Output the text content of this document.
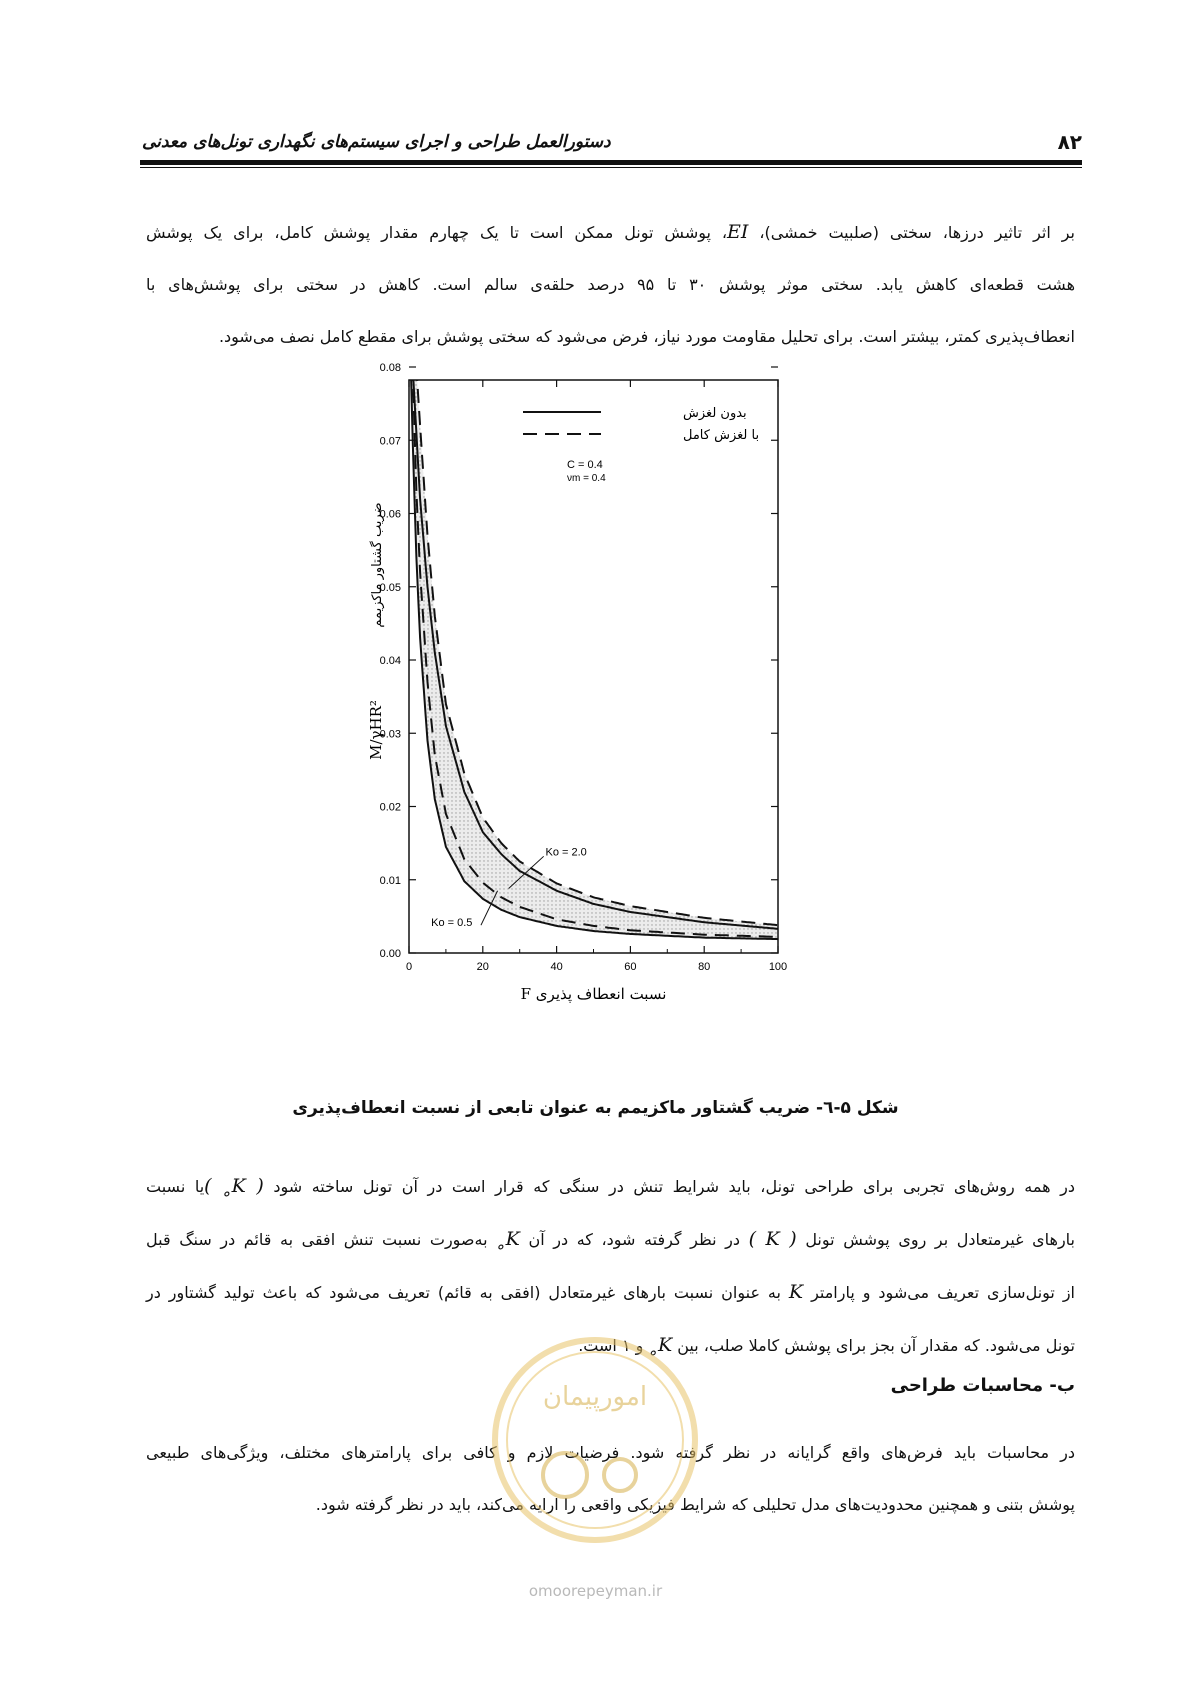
۸۲
دستورالعمل طراحی و اجرای سیستم‌های نگهداری تونل‌های معدنی
بر اثر تاثیر درزها، سختی (صلبیت خمشی)، EI، پوشش تونل ممکن است تا یک چهارم مقدار پوشش کامل، برای یک پوشش
هشت قطعه‌ای کاهش یابد. سختی موثر پوشش ۳۰ تا ۹۵ درصد حلقه‌ی سالم است. کاهش در سختی برای پوشش‌های با
انعطاف‌پذیری کمتر، بیشتر است. برای تحلیل مقاومت مورد نیاز، فرض می‌شود که سختی پوشش برای مقطع کامل نصف می‌شود.
0.00
0.01
0.02
0.03
0.04
0.05
0.06
0.07
0.08
0	20	40	60	80	100
نسبت انعطاف پذیری F
M/γHR²
ضریب گشتاور ماکزیمم
بدون لغزش
با لغزش کامل
C = 0.4
νm = 0.4
Ko = 2.0
Ko = 0.5
شکل ۵-٦- ضریب گشتاور ماکزیمم به عنوان تابعی از نسبت انعطاف‌پذیری
در همه روش‌های تجربی برای طراحی تونل، باید شرایط تنش در سنگی که قرار است در آن تونل ساخته شود ( K˳ )یا نسبت
بارهای غیرمتعادل بر روی پوشش تونل ( K ) در نظر گرفته شود، که در آن K˳ به‌صورت نسبت تنش افقی به قائم در سنگ قبل
از تونل‌سازی تعریف می‌شود و پارامتر K به عنوان نسبت بارهای غیرمتعادل (افقی به قائم) تعریف می‌شود که باعث تولید گشتاور در
تونل می‌شود. که مقدار آن بجز برای پوشش کاملا صلب، بین K˳ و ۱ است.
ب- محاسبات طراحی
در محاسبات باید فرض‌های واقع گرایانه در نظر گرفته شود. فرضیات لازم و کافی برای پارامترهای مختلف، ویژگی‌های طبیعی
پوشش بتنی و همچنین محدودیت‌های مدل تحلیلی که شرایط فیزیکی واقعی را ارایه می‌کند، باید در نظر گرفته شود.
امورپیمان
omoorepeyman.ir
